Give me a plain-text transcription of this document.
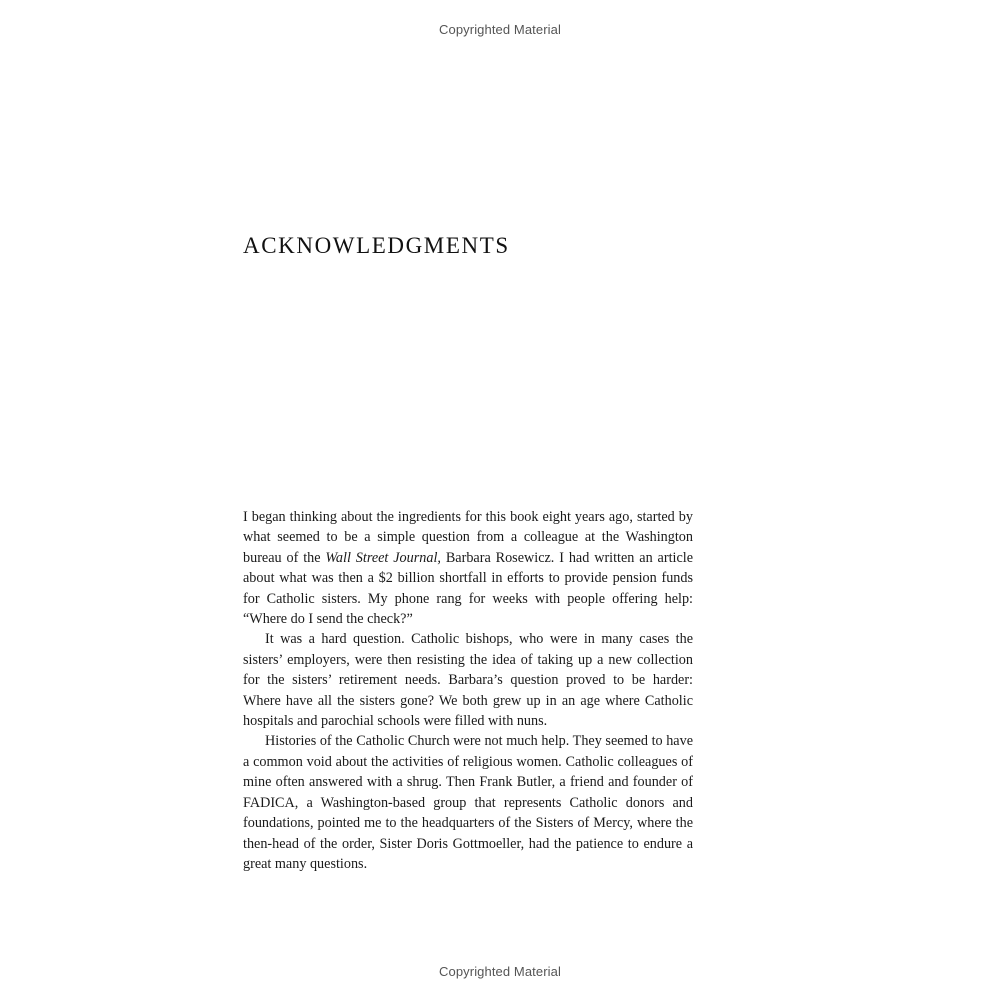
Copyrighted Material
ACKNOWLEDGMENTS

I began thinking about the ingredients for this book eight years ago, started by what seemed to be a simple question from a colleague at the Washington bureau of the Wall Street Journal, Barbara Rosewicz. I had written an article about what was then a $2 billion shortfall in efforts to provide pension funds for Catholic sisters. My phone rang for weeks with people offering help: “Where do I send the check?”

It was a hard question. Catholic bishops, who were in many cases the sisters’ employers, were then resisting the idea of taking up a new collection for the sisters’ retirement needs. Barbara’s question proved to be harder: Where have all the sisters gone? We both grew up in an age where Catholic hospitals and parochial schools were filled with nuns.

Histories of the Catholic Church were not much help. They seemed to have a common void about the activities of religious women. Catholic colleagues of mine often answered with a shrug. Then Frank Butler, a friend and founder of FADICA, a Washington-based group that represents Catholic donors and foundations, pointed me to the headquarters of the Sisters of Mercy, where the then-head of the order, Sister Doris Gottmoeller, had the patience to endure a great many questions.

Copyrighted Material
